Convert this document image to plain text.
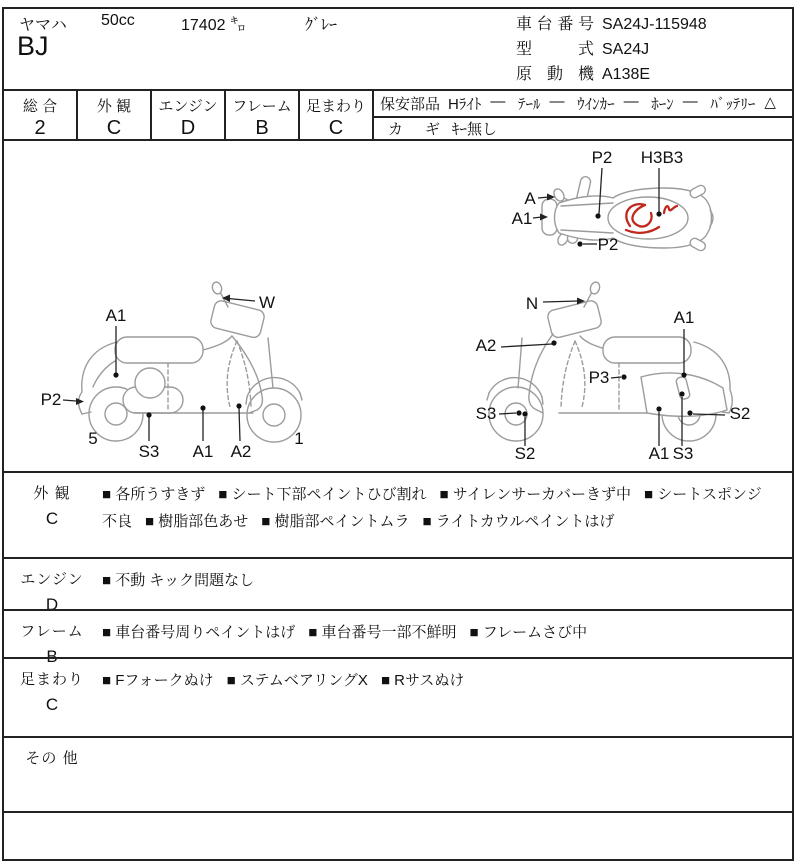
ヤマハ 50cc	17402 ㌔	ｸﾞﾚｰ
BJ
車台番号 SA24J-115948
型 式 SA24J
原 動 機 A138E
総 合
2
外 観
C
エンジン
D
フレーム
B
足まわり
C
保安部品 Hﾗｲﾄ — ﾃｰﾙ — ｳｲﾝｶｰ — ﾎｰﾝ — ﾊﾞｯﾃﾘｰ △
カ ギ ｷｰ無し
P2 H3B3
A
A1
P2
W
A1
P2
5
S3 A1 A2
1
N
A2
A1
P3
S3
S2
S2
A1 S3
外 観
C
■ 各所うすきず ■ シート下部ペイントひび割れ ■ サイレンサーカバーきず中 ■ シートスポンジ不良 ■ 樹脂部色あせ ■ 樹脂部ペイントムラ ■ ライトカウルペイントはげ
エンジン
D
■ 不動 キック問題なし
フレーム
B
■ 車台番号周りペイントはげ ■ 車台番号一部不鮮明 ■ フレームさび中
足まわり
C
■ Fフォークぬけ ■ ステムベアリングX ■ Rサスぬけ
その 他
